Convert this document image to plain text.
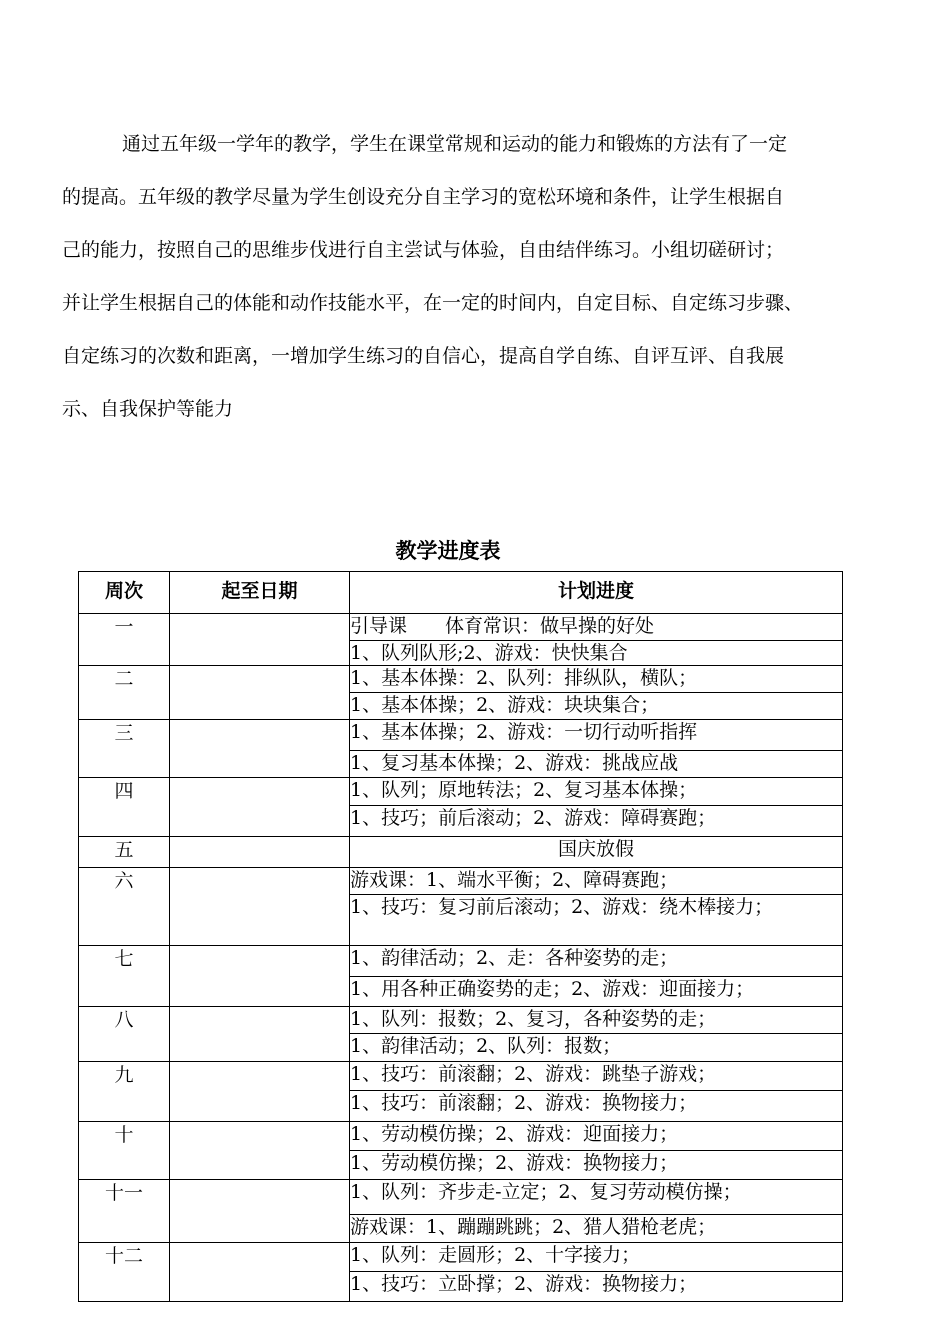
通过五年级一学年的教学，学生在课堂常规和运动的能力和锻炼的方法有了一定
的提高。五年级的教学尽量为学生创设充分自主学习的宽松环境和条件，让学生根据自
己的能力，按照自己的思维步伐进行自主尝试与体验，自由结伴练习。小组切磋研讨；
并让学生根据自己的体能和动作技能水平，在一定的时间内，自定目标、自定练习步骤、
自定练习的次数和距离，一增加学生练习的自信心，提高自学自练、自评互评、自我展
示、自我保护等能力
教学进度表
周次	起至日期	计划进度
一		引导课　　体育常识：做早操的好处
		1、队列队形;2、游戏：快快集合
二		1、基本体操：2、队列：排纵队，横队；
		1、基本体操；2、游戏：块块集合；
三		1、基本体操；2、游戏：一切行动听指挥
		1、复习基本体操；2、游戏：挑战应战
四		1、队列；原地转法；2、复习基本体操；
		1、技巧；前后滚动；2、游戏：障碍赛跑；
五		国庆放假
六		游戏课：1、端水平衡；2、障碍赛跑；
		1、技巧：复习前后滚动；2、游戏：绕木棒接力；
七		1、韵律活动；2、走：各种姿势的走；
		1、用各种正确姿势的走；2、游戏：迎面接力；
八		1、队列：报数；2、复习，各种姿势的走；
		1、韵律活动；2、队列：报数；
九		1、技巧：前滚翻；2、游戏：跳垫子游戏；
		1、技巧：前滚翻；2、游戏：换物接力；
十		1、劳动模仿操；2、游戏：迎面接力；
		1、劳动模仿操；2、游戏：换物接力；
十一		1、队列：齐步走-立定；2、复习劳动模仿操；
		游戏课：1、蹦蹦跳跳；2、猎人猎枪老虎；
十二		1、队列：走圆形；2、十字接力；
		1、技巧：立卧撑；2、游戏：换物接力；
